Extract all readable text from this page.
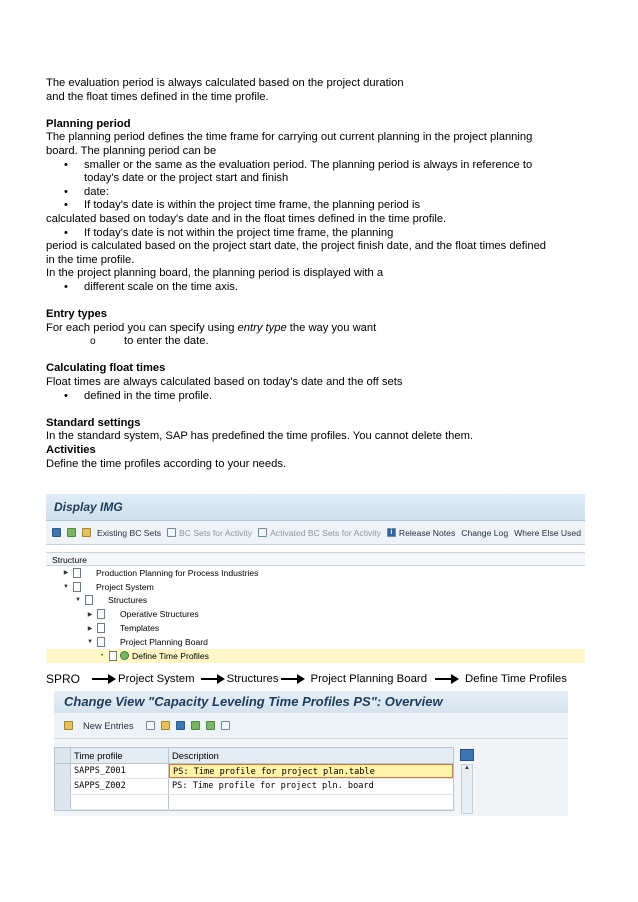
The evaluation period is always calculated based on the project duration

and the float times defined in the time profile.

Planning period

The planning period defines the time frame for carrying out current planning in the project planning

board. The planning period can be

• smaller or the same as the evaluation period. The planning period is always in reference to
today's date or the project start and finish
• date:
• If today's date is within the project time frame, the planning period is

calculated based on today's date and in the float times defined in the time profile.

• If today's date is not within the project time frame, the planning

period is calculated based on the project start date, the project finish date, and the float times defined

in the time profile.

In the project planning board, the planning period is displayed with a

• different scale on the time axis.

Entry types

For each period you can specify using entry type the way you want

o to enter the date.

Calculating float times

Float times are always calculated based on today's date and the off sets

• defined in the time profile.

Standard settings

In the standard system, SAP has predefined the time profiles. You cannot delete them.

Activities

Define the time profiles according to your needs.

Display IMG
Existing BC Sets BC Sets for Activity Activated BC Sets for Activity	i Release Notes Change Log Where Else Used
Structure
▶	Production Planning for Process Industries
▼	Project System
▼	Structures
▶	Operative Structures
▶	Templates
▼	Project Planning Board
•	Define Time Profiles
SPRO	Project System	Structures	Project Planning Board	Define Time Profiles
Change View "Capacity Leveling Time Profiles PS": Overview
New Entries
Time profile	Description
SAPPS_Z001	PS: Time profile for project plan.table
SAPPS_Z002	PS: Time profile for project pln. board
▲
